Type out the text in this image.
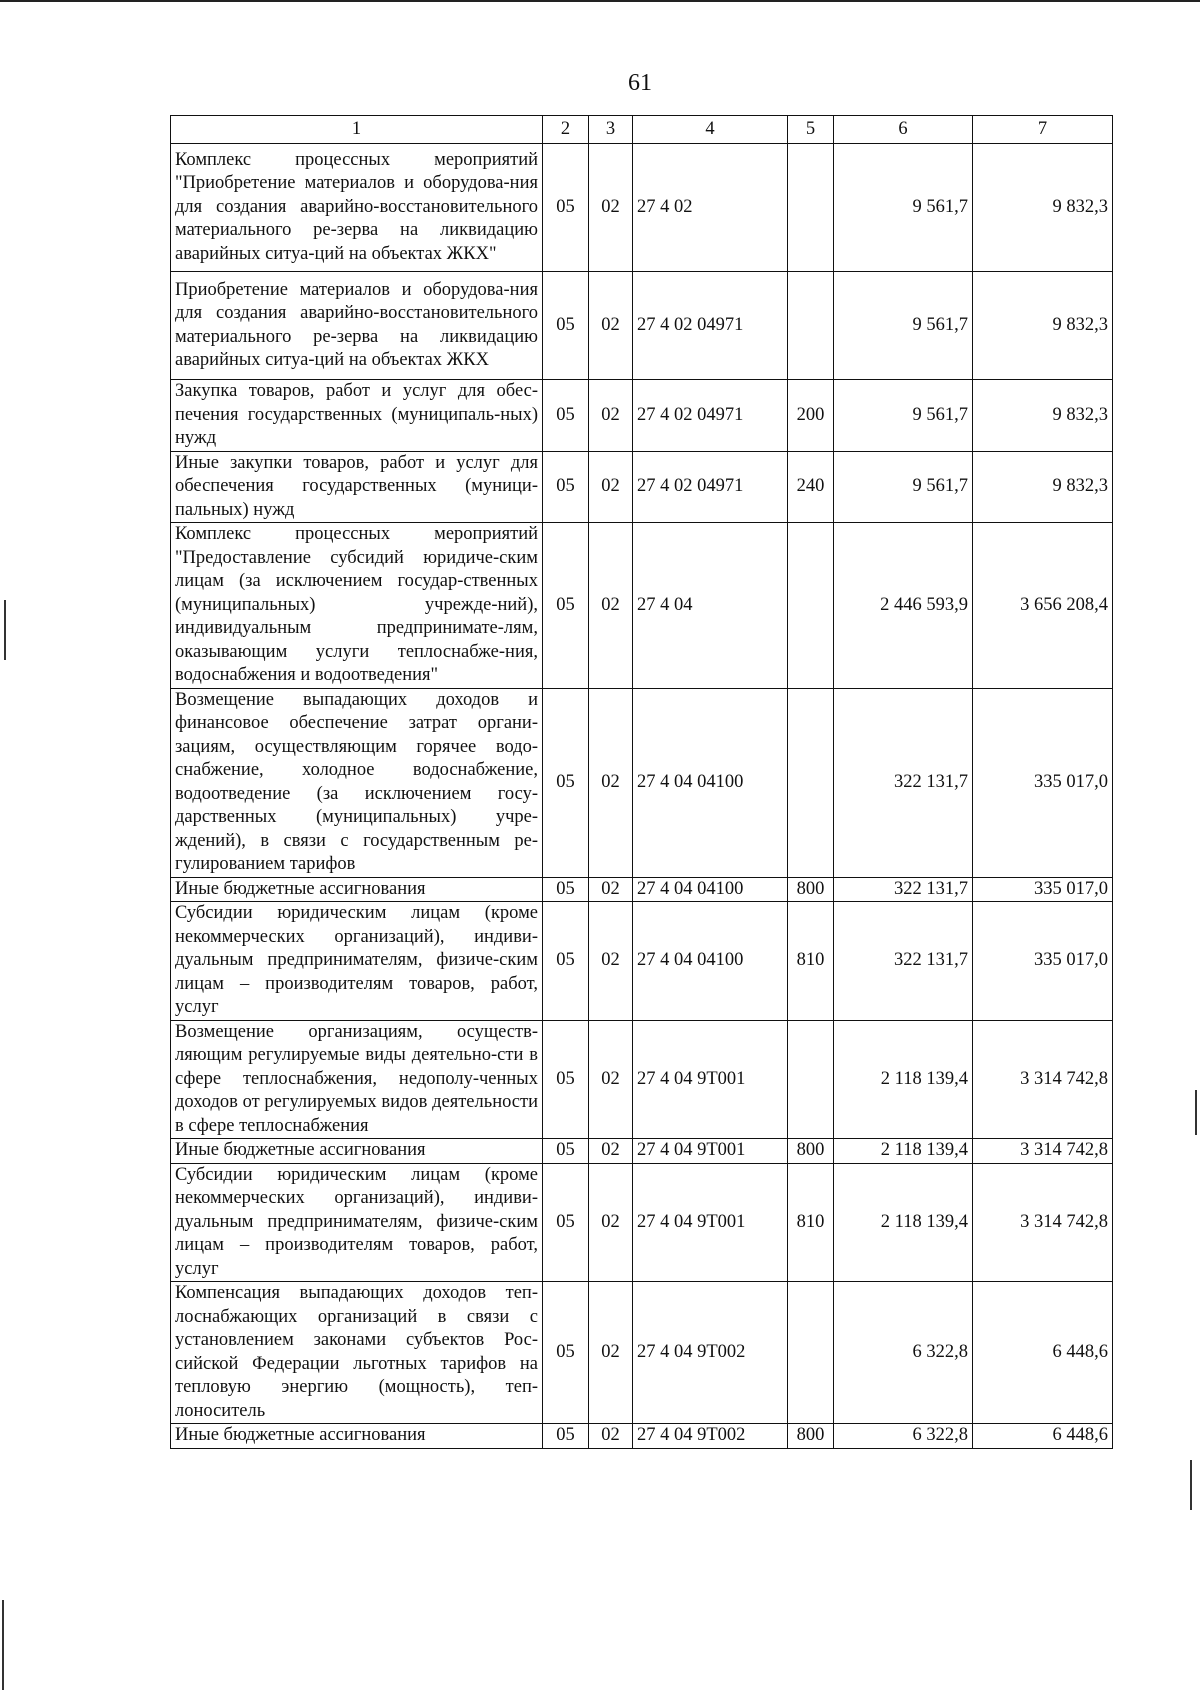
61
1	2	3	4	5	6	7
Комплекс процессных мероприятий "Приобретение материалов и оборудова-ния для создания аварийно-восстановительного материального ре-зерва на ликвидацию аварийных ситуа-ций на объектах ЖКХ"	05	02	27 4 02		9 561,7	9 832,3
Приобретение материалов и оборудова-ния для создания аварийно-восстановительного материального ре-зерва на ликвидацию аварийных ситуа-ций на объектах ЖКХ	05	02	27 4 02 04971		9 561,7	9 832,3
Закупка товаров, работ и услуг для обес-печения государственных (муниципаль-ных) нужд	05	02	27 4 02 04971	200	9 561,7	9 832,3
Иные закупки товаров, работ и услуг для обеспечения государственных (муници-пальных) нужд	05	02	27 4 02 04971	240	9 561,7	9 832,3
Комплекс процессных мероприятий "Предоставление субсидий юридиче-ским лицам (за исключением государ-ственных (муниципальных) учрежде-ний), индивидуальным предпринимате-лям, оказывающим услуги теплоснабже-ния, водоснабжения и водоотведения"	05	02	27 4 04		2 446 593,9	3 656 208,4
Возмещение выпадающих доходов и финансовое обеспечение затрат органи-зациям, осуществляющим горячее водо-снабжение, холодное водоснабжение, водоотведение (за исключением госу-дарственных (муниципальных) учре-ждений), в связи с государственным ре-гулированием тарифов	05	02	27 4 04 04100		322 131,7	335 017,0
Иные бюджетные ассигнования	05	02	27 4 04 04100	800	322 131,7	335 017,0
Субсидии юридическим лицам (кроме некоммерческих организаций), индиви-дуальным предпринимателям, физиче-ским лицам – производителям товаров, работ, услуг	05	02	27 4 04 04100	810	322 131,7	335 017,0
Возмещение организациям, осуществ-ляющим регулируемые виды деятельно-сти в сфере теплоснабжения, недополу-ченных доходов от регулируемых видов деятельности в сфере теплоснабжения	05	02	27 4 04 9Т001		2 118 139,4	3 314 742,8
Иные бюджетные ассигнования	05	02	27 4 04 9Т001	800	2 118 139,4	3 314 742,8
Субсидии юридическим лицам (кроме некоммерческих организаций), индиви-дуальным предпринимателям, физиче-ским лицам – производителям товаров, работ, услуг	05	02	27 4 04 9Т001	810	2 118 139,4	3 314 742,8
Компенсация выпадающих доходов теп-лоснабжающих организаций в связи с установлением законами субъектов Рос-сийской Федерации льготных тарифов на тепловую энергию (мощность), теп-лоноситель	05	02	27 4 04 9Т002		6 322,8	6 448,6
Иные бюджетные ассигнования	05	02	27 4 04 9Т002	800	6 322,8	6 448,6
